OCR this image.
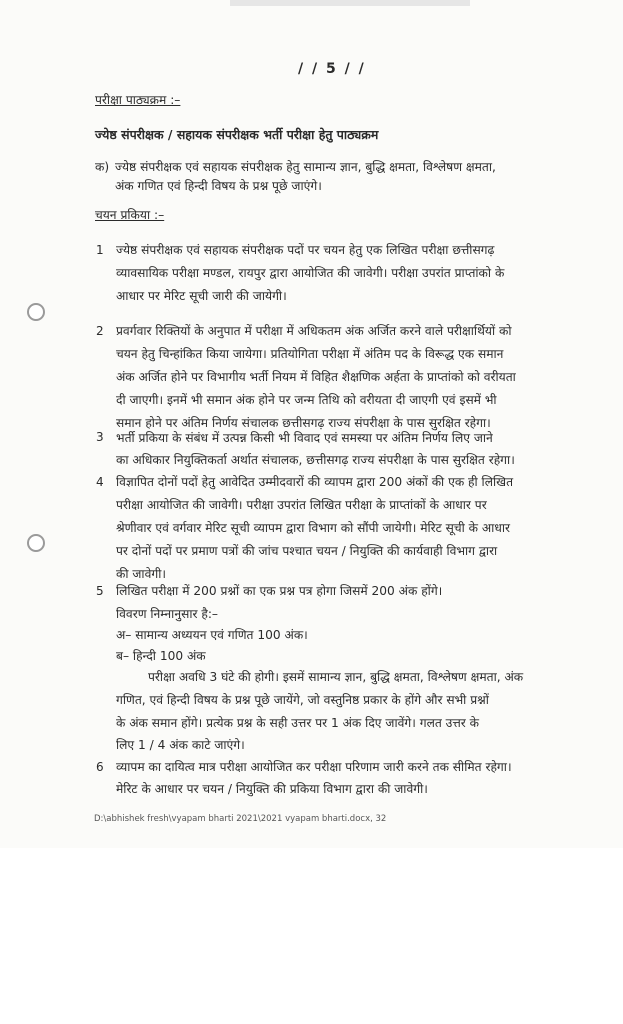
/ / 5 / /
परीक्षा पाठ्यक्रम :–
ज्येष्ठ संपरीक्षक / सहायक संपरीक्षक भर्ती परीक्षा हेतु पाठ्यक्रम
क) ज्येष्ठ संपरीक्षक एवं सहायक संपरीक्षक हेतु सामान्य ज्ञान, बुद्धि क्षमता, विश्लेषण क्षमता,
अंक गणित एवं हिन्दी विषय के प्रश्न पूछे जाएंगे।
चयन प्रकिया :–
1 ज्येष्ठ संपरीक्षक एवं सहायक संपरीक्षक पदों पर चयन हेतु एक लिखित परीक्षा छत्तीसगढ़
व्यावसायिक परीक्षा मण्डल, रायपुर द्वारा आयोजित की जावेगी। परीक्षा उपरांत प्राप्तांको के
आधार पर मेरिट सूची जारी की जायेगी।
2 प्रवर्गवार रिक्तियों के अनुपात में परीक्षा में अधिकतम अंक अर्जित करने वाले परीक्षार्थियों को
चयन हेतु चिन्हांकित किया जायेगा। प्रतियोगिता परीक्षा में अंतिम पद के विरूद्ध एक समान
अंक अर्जित होने पर विभागीय भर्ती नियम में विहित शैक्षणिक अर्हता के प्राप्तांको को वरीयता
दी जाएगी। इनमें भी समान अंक होने पर जन्म तिथि को वरीयता दी जाएगी एवं इसमें भी
समान होने पर अंतिम निर्णय संचालक छत्तीसगढ़ राज्य संपरीक्षा के पास सुरक्षित रहेगा।
3 भर्ती प्रकिया के संबंध में उत्पन्न किसी भी विवाद एवं समस्या पर अंतिम निर्णय लिए जाने
का अधिकार नियुक्तिकर्ता अर्थात संचालक, छत्तीसगढ़ राज्य संपरीक्षा के पास सुरक्षित रहेगा।
4 विज्ञापित दोनों पदों हेतु आवेदित उम्मीदवारों की व्यापम द्वारा 200 अंकों की एक ही लिखित
परीक्षा आयोजित की जावेगी। परीक्षा उपरांत लिखित परीक्षा के प्राप्तांकों के आधार पर
श्रेणीवार एवं वर्गवार मेरिट सूची व्यापम द्वारा विभाग को सौंपी जायेगी। मेरिट सूची के आधार
पर दोनों पदों पर प्रमाण पत्रों की जांच पश्चात चयन / नियुक्ति की कार्यवाही विभाग द्वारा
की जावेगी।
5 लिखित परीक्षा में 200 प्रश्नों का एक प्रश्न पत्र होगा जिसमें 200 अंक होंगे।
विवरण निम्नानुसार है:–
अ– सामान्य अध्ययन एवं गणित 100 अंक।
ब– हिन्दी 100 अंक
परीक्षा अवधि 3 घंटे की होगी। इसमें सामान्य ज्ञान, बुद्धि क्षमता, विश्लेषण क्षमता, अंक
गणित, एवं हिन्दी विषय के प्रश्न पूछे जायेंगे, जो वस्तुनिष्ठ प्रकार के होंगे और सभी प्रश्नों
के अंक समान होंगे। प्रत्येक प्रश्न के सही उत्तर पर 1 अंक दिए जावेंगे। गलत उत्तर के
लिए 1 / 4 अंक काटे जाएंगे।
6 व्यापम का दायित्व मात्र परीक्षा आयोजित कर परीक्षा परिणाम जारी करने तक सीमित रहेगा।
मेरिट के आधार पर चयन / नियुक्ति की प्रकिया विभाग द्वारा की जावेगी।
D:\abhishek fresh\vyapam bharti 2021\2021 vyapam bharti.docx, 32
